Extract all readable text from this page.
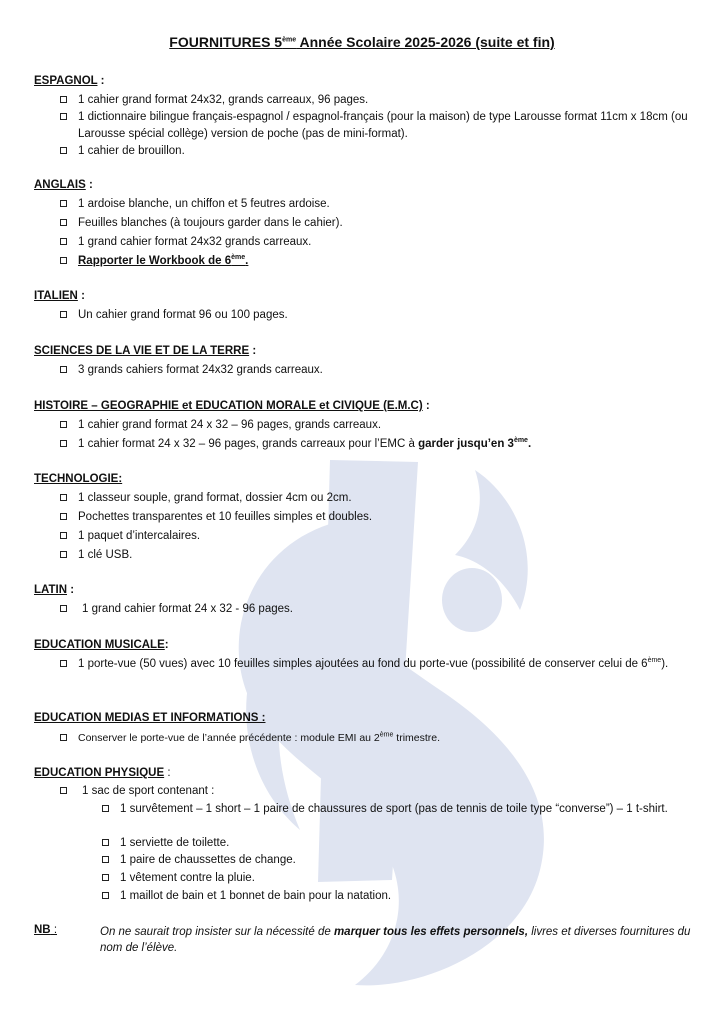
FOURNITURES 5ème Année Scolaire 2025-2026 (suite et fin)
ESPAGNOL :
1 cahier grand format 24x32, grands carreaux, 96 pages.
1 dictionnaire bilingue français-espagnol / espagnol-français (pour la maison) de type Larousse format 11cm x 18cm (ou Larousse spécial collège) version de poche (pas de mini-format).
1 cahier de brouillon.
ANGLAIS :
1 ardoise blanche, un chiffon et 5 feutres ardoise.
Feuilles blanches (à toujours garder dans le cahier).
1 grand cahier format 24x32 grands carreaux.
Rapporter le Workbook de 6ème.
ITALIEN :
Un cahier grand format 96 ou 100 pages.
SCIENCES DE LA VIE ET DE LA TERRE :
3 grands cahiers format 24x32 grands carreaux.
HISTOIRE – GEOGRAPHIE et EDUCATION MORALE et CIVIQUE (E.M.C) :
1 cahier grand format 24 x 32 – 96 pages, grands carreaux.
1 cahier format 24 x 32 – 96 pages, grands carreaux pour l’EMC à garder jusqu’en 3ème.
TECHNOLOGIE:
1 classeur souple, grand format, dossier 4cm ou 2cm.
Pochettes transparentes et 10 feuilles simples et doubles.
1 paquet d’intercalaires.
1 clé USB.
LATIN :
1 grand cahier format 24 x 32 - 96 pages.
EDUCATION MUSICALE:
1 porte-vue (50 vues) avec 10 feuilles simples ajoutées au fond du porte-vue (possibilité de conserver celui de 6ème).
EDUCATION MEDIAS ET INFORMATIONS :
Conserver le porte-vue de l’année précédente : module EMI au 2ème trimestre.
EDUCATION PHYSIQUE :
1 sac de sport contenant :
1 survêtement – 1 short – 1 paire de chaussures de sport (pas de tennis de toile type “converse”) – 1 t-shirt.
1 serviette de toilette.
1 paire de chaussettes de change.
1 vêtement contre la pluie.
1 maillot de bain et 1 bonnet de bain pour la natation.
NB :	On ne saurait trop insister sur la nécessité de marquer tous les effets personnels, livres et diverses fournitures du nom de l’élève.
